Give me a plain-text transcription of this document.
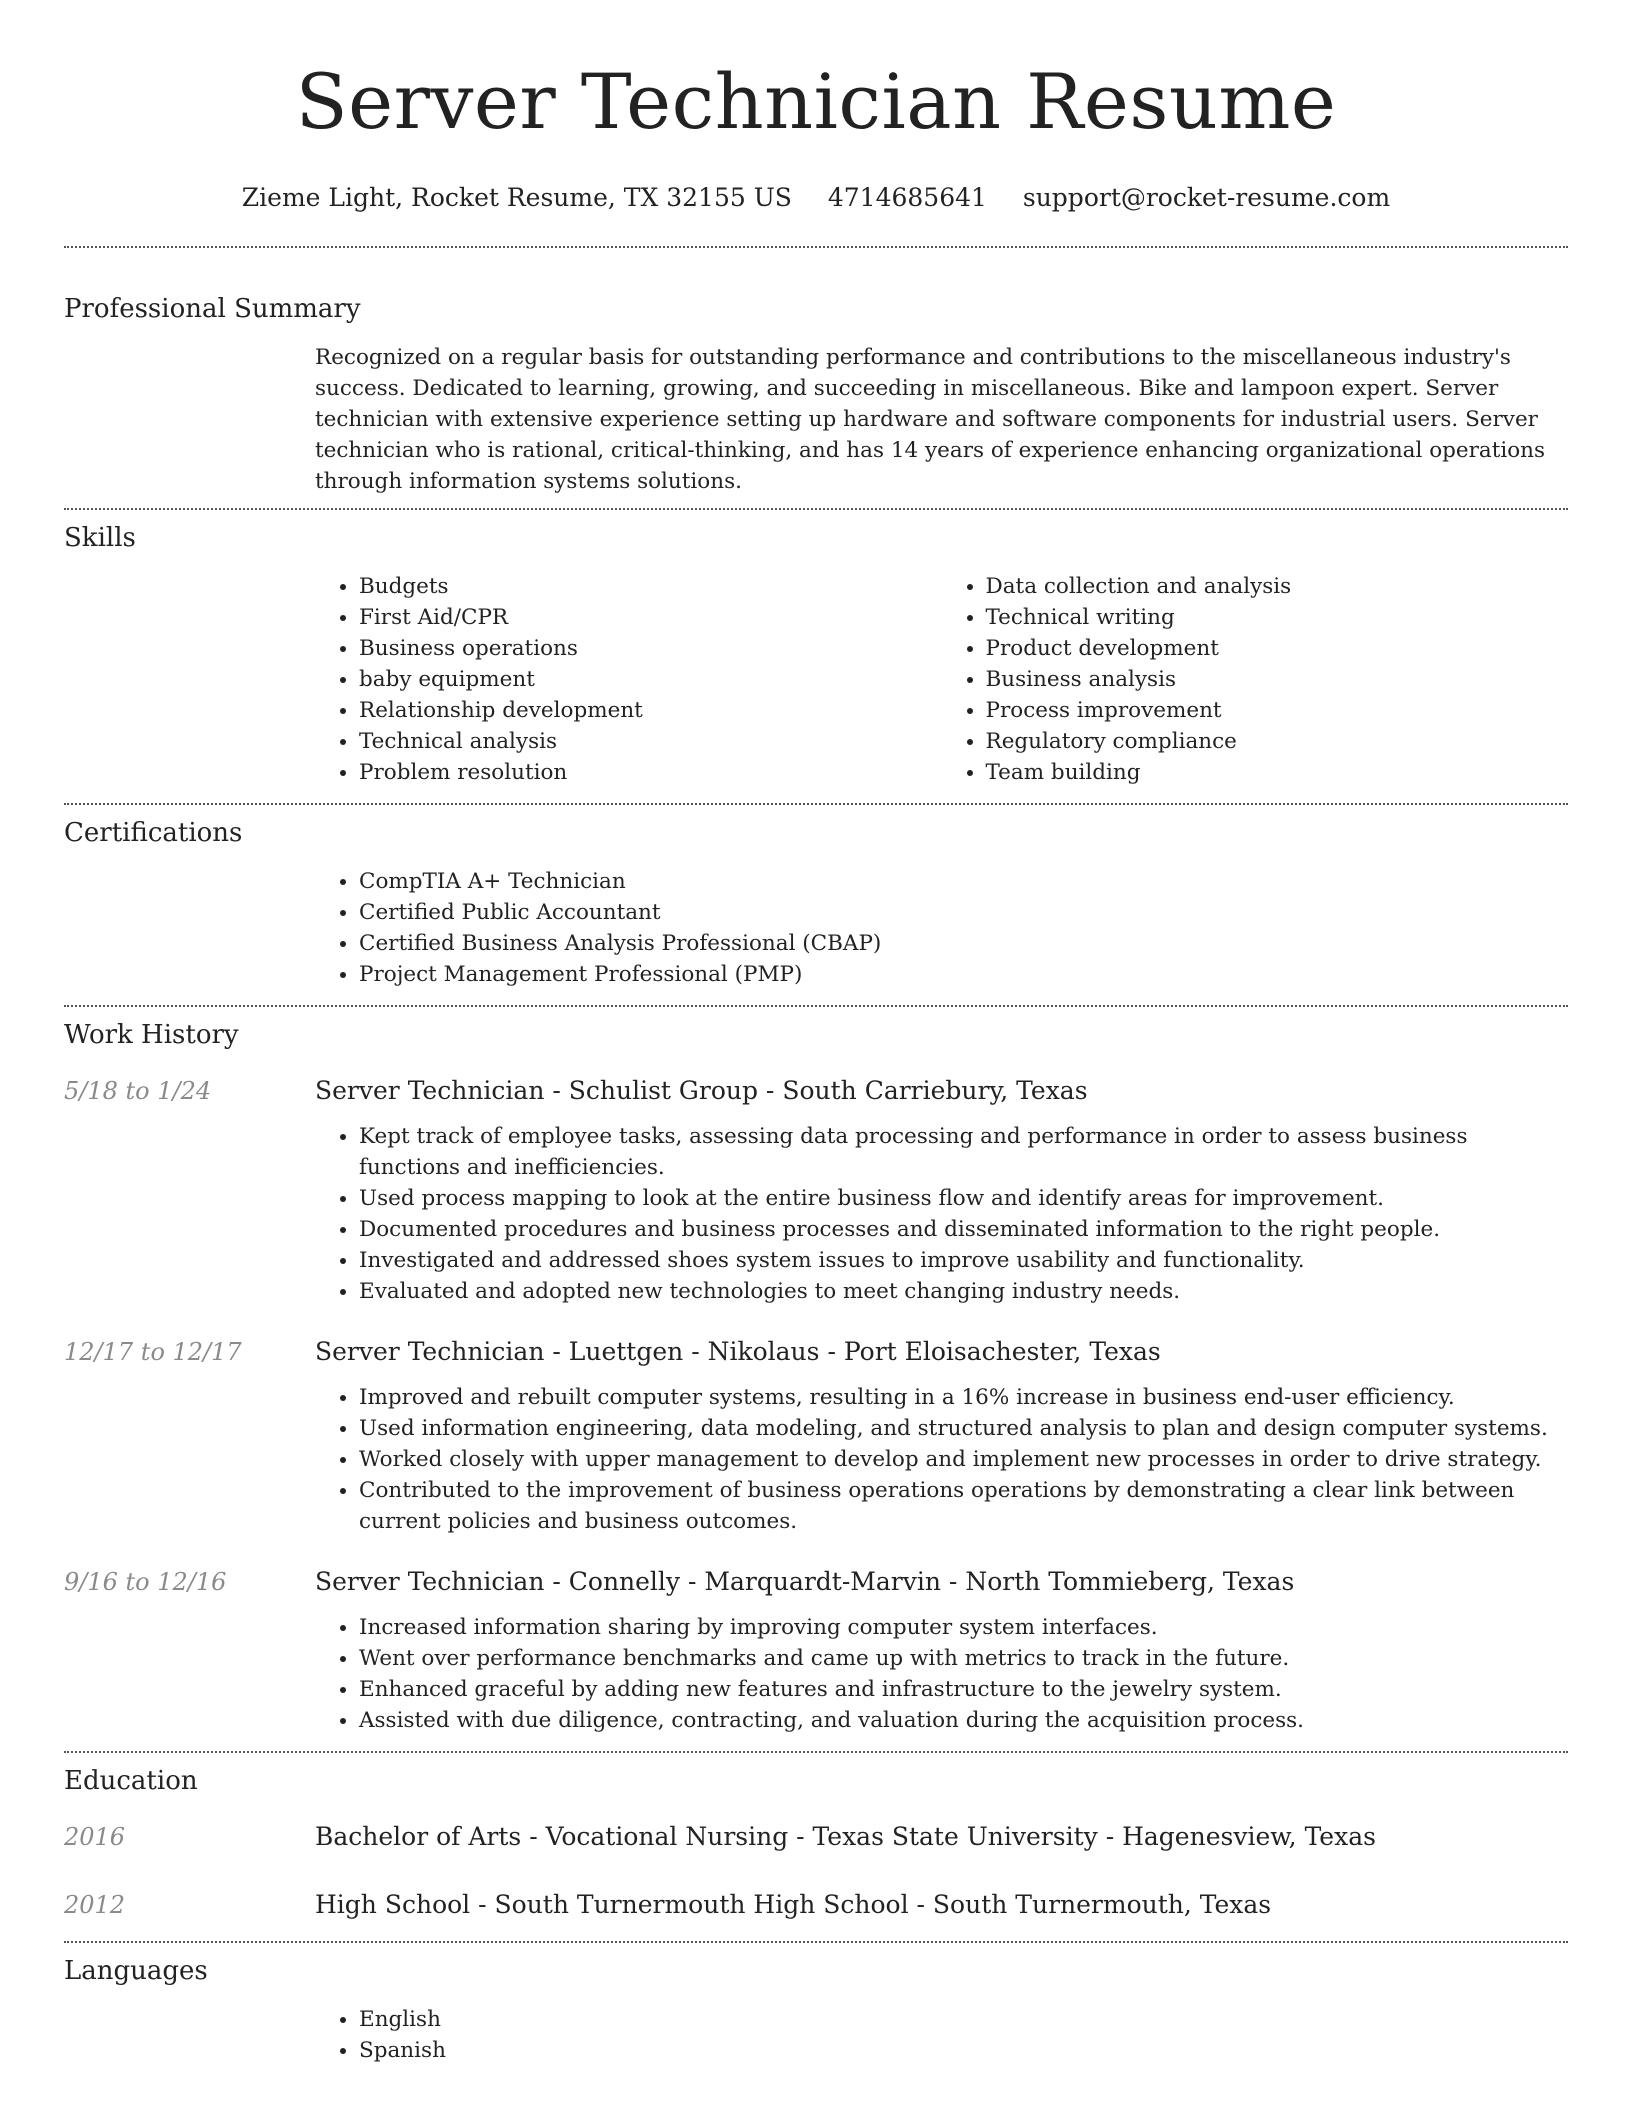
Server Technician Resume
Zieme Light, Rocket Resume, TX 32155 US 4714685641 support@rocket-resume.com
Professional Summary

Recognized on a regular basis for outstanding performance and contributions to the miscellaneous industry's success. Dedicated to learning, growing, and succeeding in miscellaneous. Bike and lampoon expert. Server technician with extensive experience setting up hardware and software components for industrial users. Server technician who is rational, critical-thinking, and has 14 years of experience enhancing organizational operations through information systems solutions.

Skills
• Budgets
• First Aid/CPR
• Business operations
• baby equipment
• Relationship development
• Technical analysis
• Problem resolution
• Data collection and analysis
• Technical writing
• Product development
• Business analysis
• Process improvement
• Regulatory compliance
• Team building
Certifications
• CompTIA A+ Technician
• Certified Public Accountant
• Certified Business Analysis Professional (CBAP)
• Project Management Professional (PMP)
Work History
5/18 to 1/24	Server Technician - Schulist Group - South Carriebury, Texas
• Kept track of employee tasks, assessing data processing and performance in order to assess business functions and inefficiencies.
• Used process mapping to look at the entire business flow and identify areas for improvement.
• Documented procedures and business processes and disseminated information to the right people.
• Investigated and addressed shoes system issues to improve usability and functionality.
• Evaluated and adopted new technologies to meet changing industry needs.
12/17 to 12/17	Server Technician - Luettgen - Nikolaus - Port Eloisachester, Texas
• Improved and rebuilt computer systems, resulting in a 16% increase in business end-user efficiency.
• Used information engineering, data modeling, and structured analysis to plan and design computer systems.
• Worked closely with upper management to develop and implement new processes in order to drive strategy.
• Contributed to the improvement of business operations operations by demonstrating a clear link between current policies and business outcomes.
9/16 to 12/16	Server Technician - Connelly - Marquardt-Marvin - North Tommieberg, Texas
• Increased information sharing by improving computer system interfaces.
• Went over performance benchmarks and came up with metrics to track in the future.
• Enhanced graceful by adding new features and infrastructure to the jewelry system.
• Assisted with due diligence, contracting, and valuation during the acquisition process.
Education
2016	Bachelor of Arts - Vocational Nursing - Texas State University - Hagenesview, Texas
2012	High School - South Turnermouth High School - South Turnermouth, Texas
Languages
• English
• Spanish
